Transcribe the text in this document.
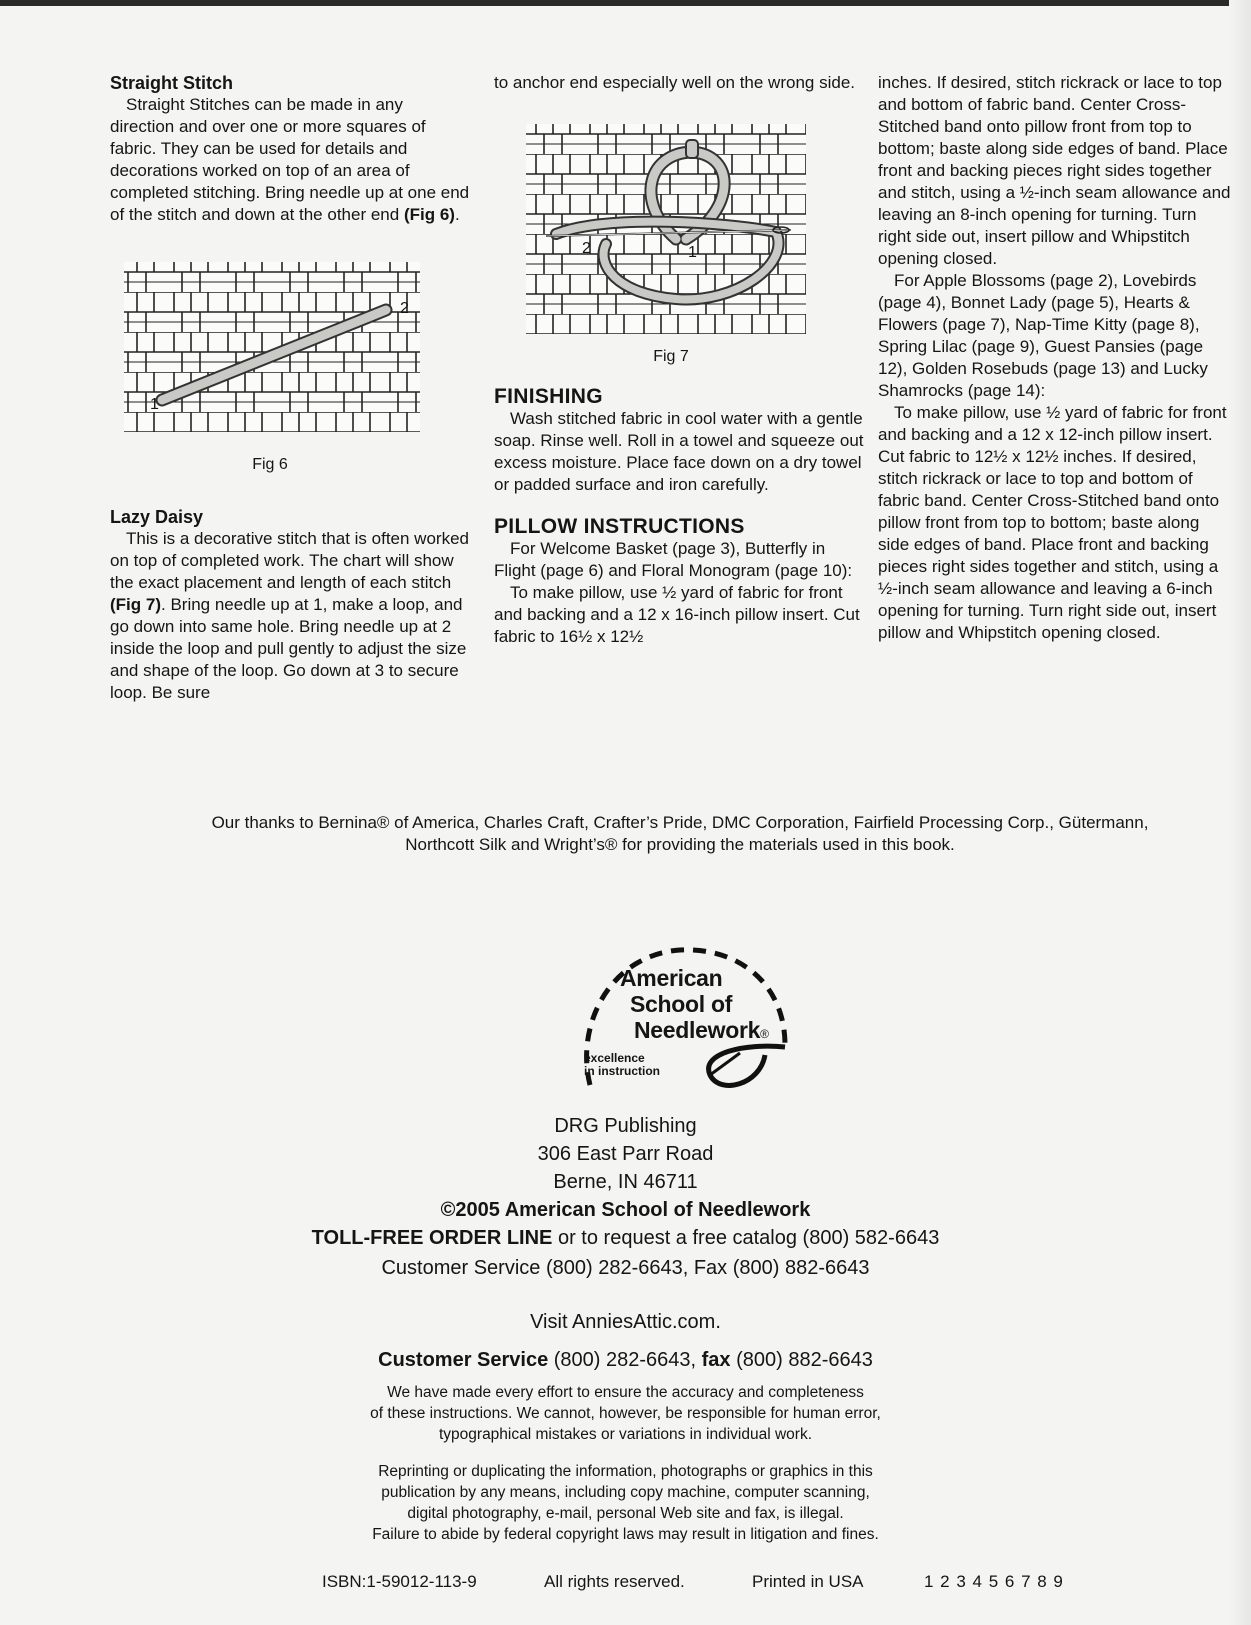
Straight Stitch

Straight Stitches can be made in any direction and over one or more squares of fabric. They can be used for details and decorations worked on top of an area of completed stitching. Bring needle up at one end of the stitch and down at the other end (Fig 6).

1
2

Fig 6

Lazy Daisy

This is a decorative stitch that is often worked on top of completed work. The chart will show the exact placement and length of each stitch (Fig 7). Bring needle up at 1, make a loop, and go down into same hole. Bring needle up at 2 inside the loop and pull gently to adjust the size and shape of the loop. Go down at 3 to secure loop. Be sure

to anchor end especially well on the wrong side.

2	1

Fig 7

FINISHING

Wash stitched fabric in cool water with a gentle soap. Rinse well. Roll in a towel and squeeze out excess moisture. Place face down on a dry towel or padded surface and iron carefully.

PILLOW INSTRUCTIONS

For Welcome Basket (page 3), Butterfly in Flight (page 6) and Floral Monogram (page 10):

To make pillow, use ½ yard of fabric for front and backing and a 12 x 16-inch pillow insert. Cut fabric to 16½ x 12½

inches. If desired, stitch rickrack or lace to top and bottom of fabric band. Center Cross-Stitched band onto pillow front from top to bottom; baste along side edges of band. Place front and backing pieces right sides together and stitch, using a ½-inch seam allowance and leaving an 8-inch opening for turning. Turn right side out, insert pillow and Whipstitch opening closed.

For Apple Blossoms (page 2), Lovebirds (page 4), Bonnet Lady (page 5), Hearts & Flowers (page 7), Nap-Time Kitty (page 8), Spring Lilac (page 9), Guest Pansies (page 12), Golden Rosebuds (page 13) and Lucky Shamrocks (page 14):

To make pillow, use ½ yard of fabric for front and backing and a 12 x 12-inch pillow insert. Cut fabric to 12½ x 12½ inches. If desired, stitch rickrack or lace to top and bottom of fabric band. Center Cross-Stitched band onto pillow front from top to bottom; baste along side edges of band. Place front and backing pieces right sides together and stitch, using a ½-inch seam allowance and leaving a 6-inch opening for turning. Turn right side out, insert pillow and Whipstitch opening closed.

Our thanks to Bernina® of America, Charles Craft, Crafter’s Pride, DMC Corporation, Fairfield Processing Corp., Gütermann, Northcott Silk and Wright’s® for providing the materials used in this book.
American
School of
Needlework®
excellence
in instruction
DRG Publishing
306 East Parr Road
Berne, IN 46711
©2005 American School of Needlework
TOLL-FREE ORDER LINE or to request a free catalog (800) 582-6643
Customer Service (800) 282-6643, Fax (800) 882-6643
Visit AnniesAttic.com.
Customer Service (800) 282-6643, fax (800) 882-6643
We have made every effort to ensure the accuracy and completeness
of these instructions. We cannot, however, be responsible for human error,
typographical mistakes or variations in individual work.
Reprinting or duplicating the information, photographs or graphics in this
publication by any means, including copy machine, computer scanning,
digital photography, e-mail, personal Web site and fax, is illegal.
Failure to abide by federal copyright laws may result in litigation and fines.
ISBN:1-59012-113-9	All rights reserved.	Printed in USA	1 2 3 4 5 6 7 8 9
